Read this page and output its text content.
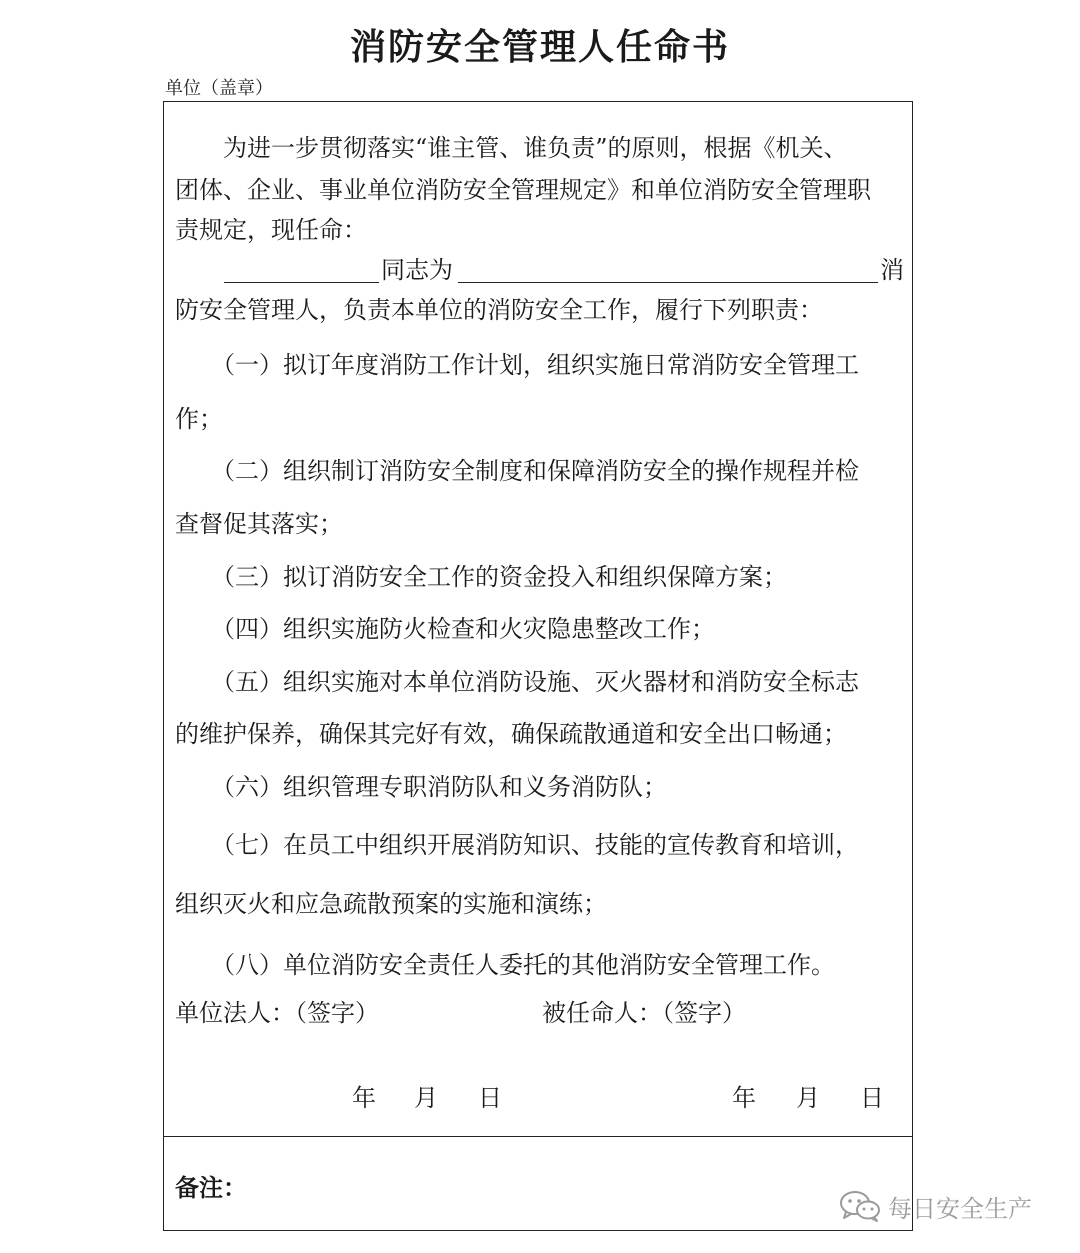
消防安全管理人任命书
单位（盖章）
　　为进一步贯彻落实“谁主管、谁负责”的原则，根据《机关、
团体、企业、事业单位消防安全管理规定》和单位消防安全管理职
责规定，现任命：
同志为	消
防安全管理人，负责本单位的消防安全工作，履行下列职责：
　　（一）拟订年度消防工作计划，组织实施日常消防安全管理工
作；
　　（二）组织制订消防安全制度和保障消防安全的操作规程并检
查督促其落实；
　　（三）拟订消防安全工作的资金投入和组织保障方案；
　　（四）组织实施防火检查和火灾隐患整改工作；
　　（五）组织实施对本单位消防设施、灭火器材和消防安全标志
的维护保养，确保其完好有效，确保疏散通道和安全出口畅通；
　　（六）组织管理专职消防队和义务消防队；
　　（七）在员工中组织开展消防知识、技能的宣传教育和培训，
组织灭火和应急疏散预案的实施和演练；
　　（八）单位消防安全责任人委托的其他消防安全管理工作。
单位法人：（签字）	被任命人：（签字）
年 月 日	年 月 日
备注：
每日安全生产
